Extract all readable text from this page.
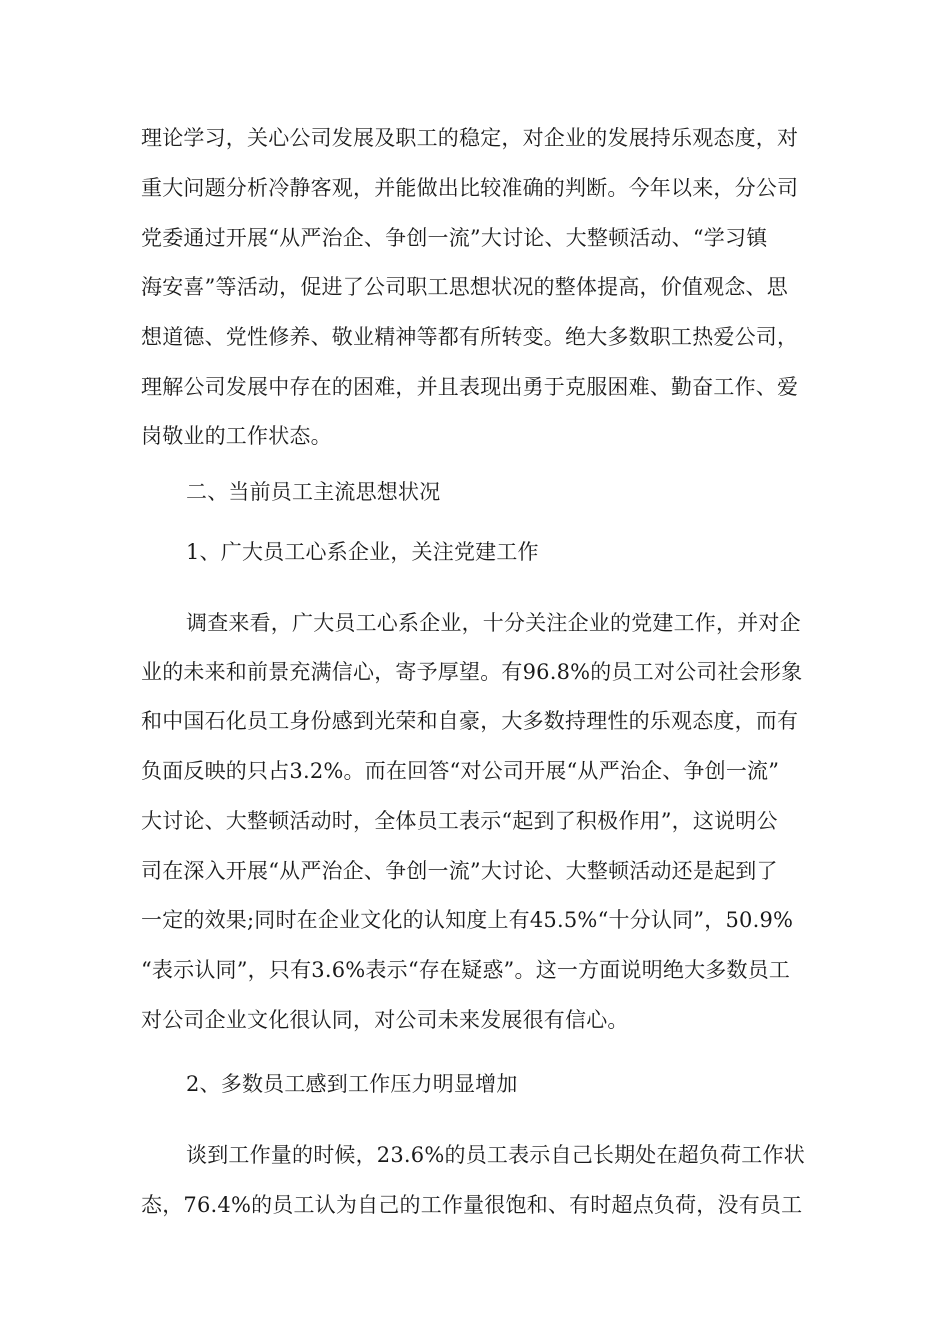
理论学习，关心公司发展及职工的稳定，对企业的发展持乐观态度，对
重大问题分析冷静客观，并能做出比较准确的判断。今年以来，分公司
党委通过开展“从严治企、争创一流”大讨论、大整顿活动、“学习镇
海安喜”等活动，促进了公司职工思想状况的整体提高，价值观念、思
想道德、党性修养、敬业精神等都有所转变。绝大多数职工热爱公司，
理解公司发展中存在的困难，并且表现出勇于克服困难、勤奋工作、爱
岗敬业的工作状态。
二、当前员工主流思想状况
1、广大员工心系企业，关注党建工作
调查来看，广大员工心系企业，十分关注企业的党建工作，并对企
业的未来和前景充满信心，寄予厚望。有96.8%的员工对公司社会形象
和中国石化员工身份感到光荣和自豪，大多数持理性的乐观态度，而有
负面反映的只占3.2%。而在回答“对公司开展“从严治企、争创一流”
大讨论、大整顿活动时，全体员工表示“起到了积极作用”，这说明公
司在深入开展“从严治企、争创一流”大讨论、大整顿活动还是起到了
一定的效果;同时在企业文化的认知度上有45.5%“十分认同”，50.9%
“表示认同”，只有3.6%表示“存在疑惑”。这一方面说明绝大多数员工
对公司企业文化很认同，对公司未来发展很有信心。
2、多数员工感到工作压力明显增加
谈到工作量的时候，23.6%的员工表示自己长期处在超负荷工作状
态，76.4%的员工认为自己的工作量很饱和、有时超点负荷，没有员工
